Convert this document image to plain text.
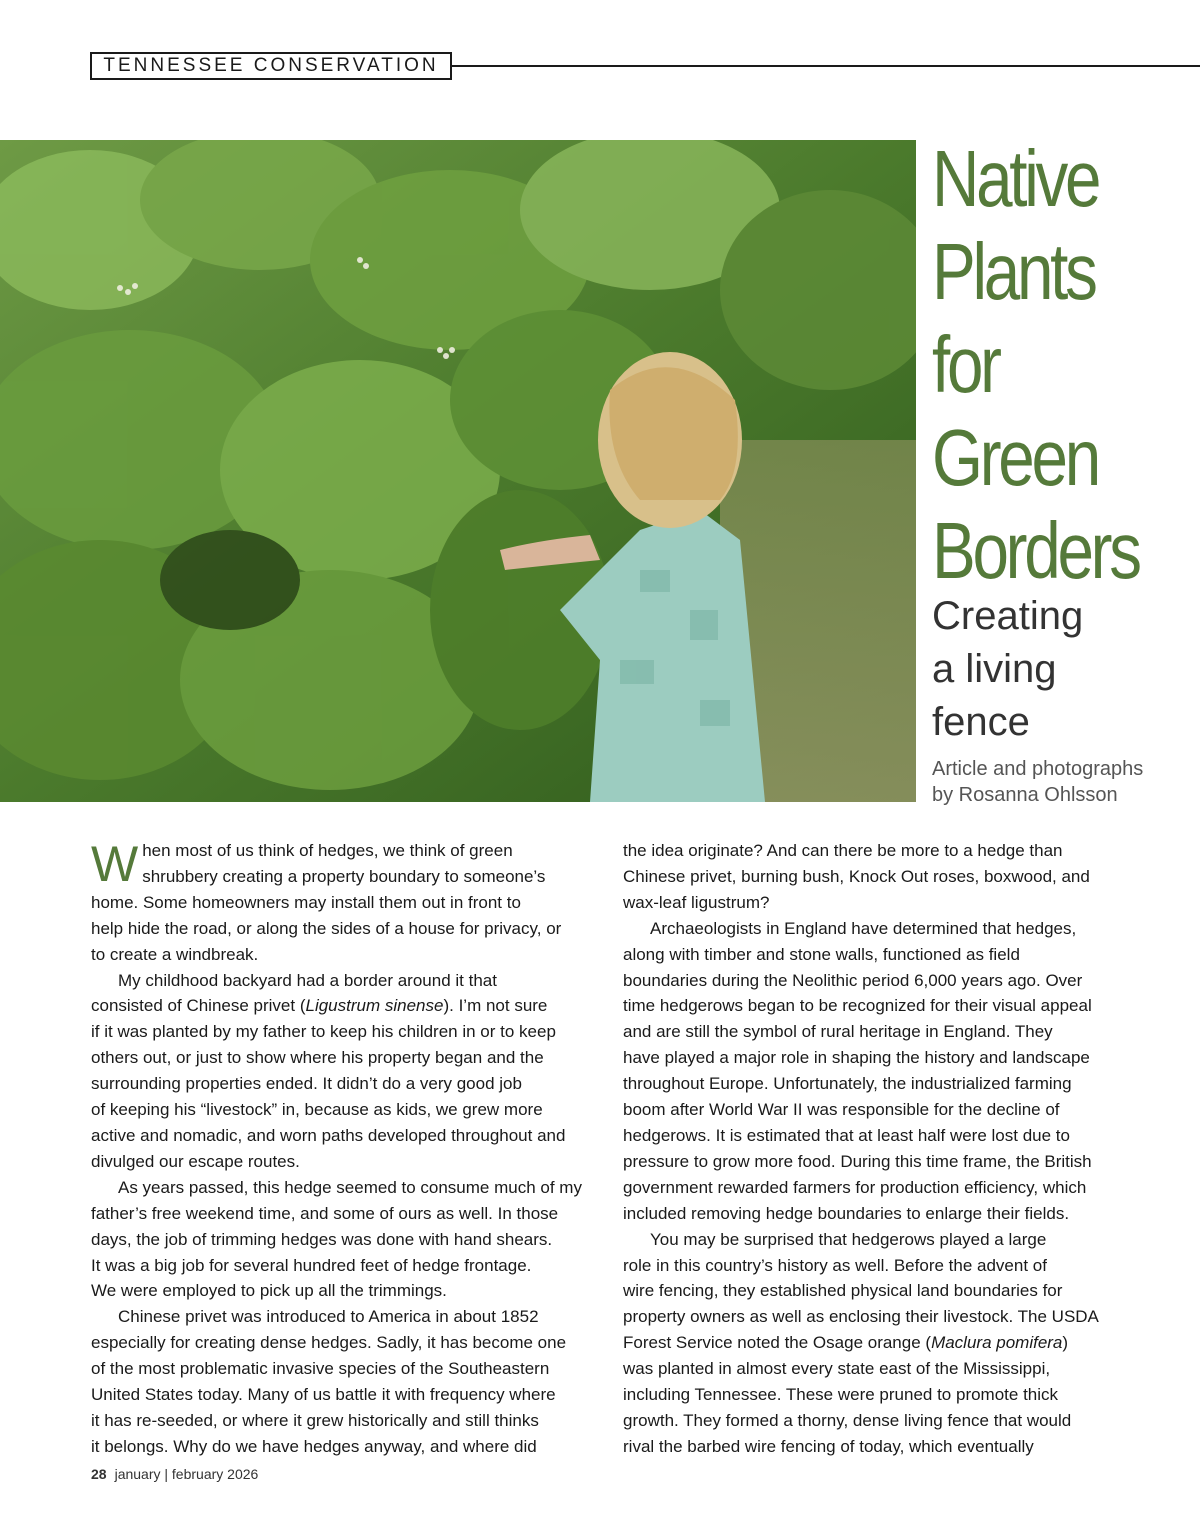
TENNESSEE CONSERVATION
Native
Plants
for
Green
Borders
Creating
a living
fence
Article and photographs
by Rosanna Ohlsson

W hen most of us think of hedges, we think of green
shrubbery creating a property boundary to someone’s
home. Some homeowners may install them out in front to
help hide the road, or along the sides of a house for privacy, or
to create a windbreak.

My childhood backyard had a border around it that
consisted of Chinese privet (Ligustrum sinense). I’m not sure
if it was planted by my father to keep his children in or to keep
others out, or just to show where his property began and the
surrounding properties ended. It didn’t do a very good job
of keeping his “livestock” in, because as kids, we grew more
active and nomadic, and worn paths developed throughout and
divulged our escape routes.

As years passed, this hedge seemed to consume much of my
father’s free weekend time, and some of ours as well. In those
days, the job of trimming hedges was done with hand shears.
It was a big job for several hundred feet of hedge frontage.
We were employed to pick up all the trimmings.

Chinese privet was introduced to America in about 1852
especially for creating dense hedges. Sadly, it has become one
of the most problematic invasive species of the Southeastern
United States today. Many of us battle it with frequency where
it has re-seeded, or where it grew historically and still thinks
it belongs. Why do we have hedges anyway, and where did

the idea originate? And can there be more to a hedge than
Chinese privet, burning bush, Knock Out roses, boxwood, and
wax-leaf ligustrum?

Archaeologists in England have determined that hedges,
along with timber and stone walls, functioned as field
boundaries during the Neolithic period 6,000 years ago. Over
time hedgerows began to be recognized for their visual appeal
and are still the symbol of rural heritage in England. They
have played a major role in shaping the history and landscape
throughout Europe. Unfortunately, the industrialized farming
boom after World War II was responsible for the decline of
hedgerows. It is estimated that at least half were lost due to
pressure to grow more food. During this time frame, the British
government rewarded farmers for production efficiency, which
included removing hedge boundaries to enlarge their fields.

You may be surprised that hedgerows played a large
role in this country’s history as well. Before the advent of
wire fencing, they established physical land boundaries for
property owners as well as enclosing their livestock. The USDA
Forest Service noted the Osage orange (Maclura pomifera)
was planted in almost every state east of the Mississippi,
including Tennessee. These were pruned to promote thick
growth. They formed a thorny, dense living fence that would
rival the barbed wire fencing of today, which eventually

28 january | february 2026
